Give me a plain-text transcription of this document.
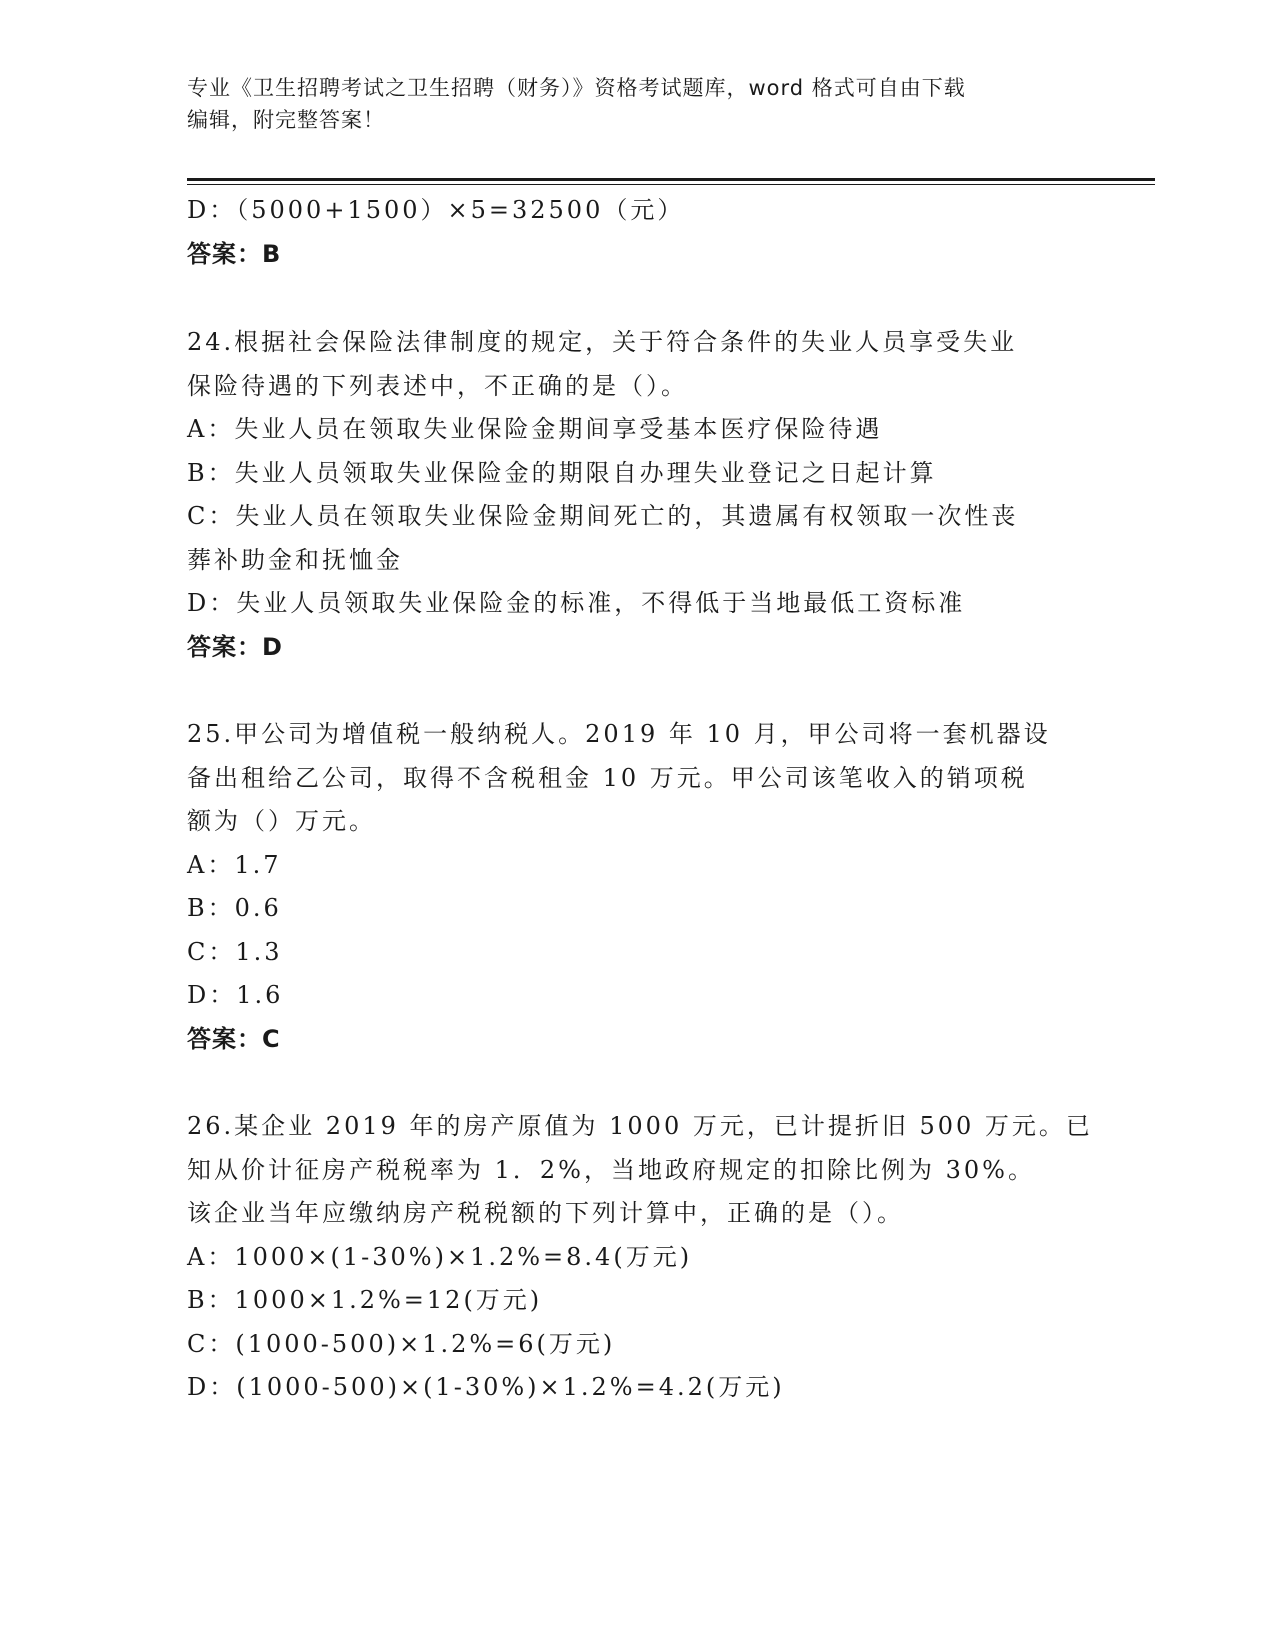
专业《卫生招聘考试之卫生招聘（财务）》资格考试题库，word 格式可自由下载
编辑，附完整答案！
D：（5000+1500）×5=32500（元）
答案：B
24.根据社会保险法律制度的规定，关于符合条件的失业人员享受失业
保险待遇的下列表述中，不正确的是（）。
A：失业人员在领取失业保险金期间享受基本医疗保险待遇
B：失业人员领取失业保险金的期限自办理失业登记之日起计算
C：失业人员在领取失业保险金期间死亡的，其遗属有权领取一次性丧
葬补助金和抚恤金
D：失业人员领取失业保险金的标准，不得低于当地最低工资标准
答案：D
25.甲公司为增值税一般纳税人。2019 年 10 月，甲公司将一套机器设
备出租给乙公司，取得不含税租金 10 万元。甲公司该笔收入的销项税
额为（）万元。
A：1.7
B：0.6
C：1.3
D：1.6
答案：C
26.某企业 2019 年的房产原值为 1000 万元，已计提折旧 500 万元。已
知从价计征房产税税率为 1．2%，当地政府规定的扣除比例为 30%。
该企业当年应缴纳房产税税额的下列计算中，正确的是（）。
A：1000×(1-30%)×1.2%=8.4(万元)
B：1000×1.2%=12(万元)
C：(1000-500)×1.2%=6(万元)
D：(1000-500)×(1-30%)×1.2%=4.2(万元)
